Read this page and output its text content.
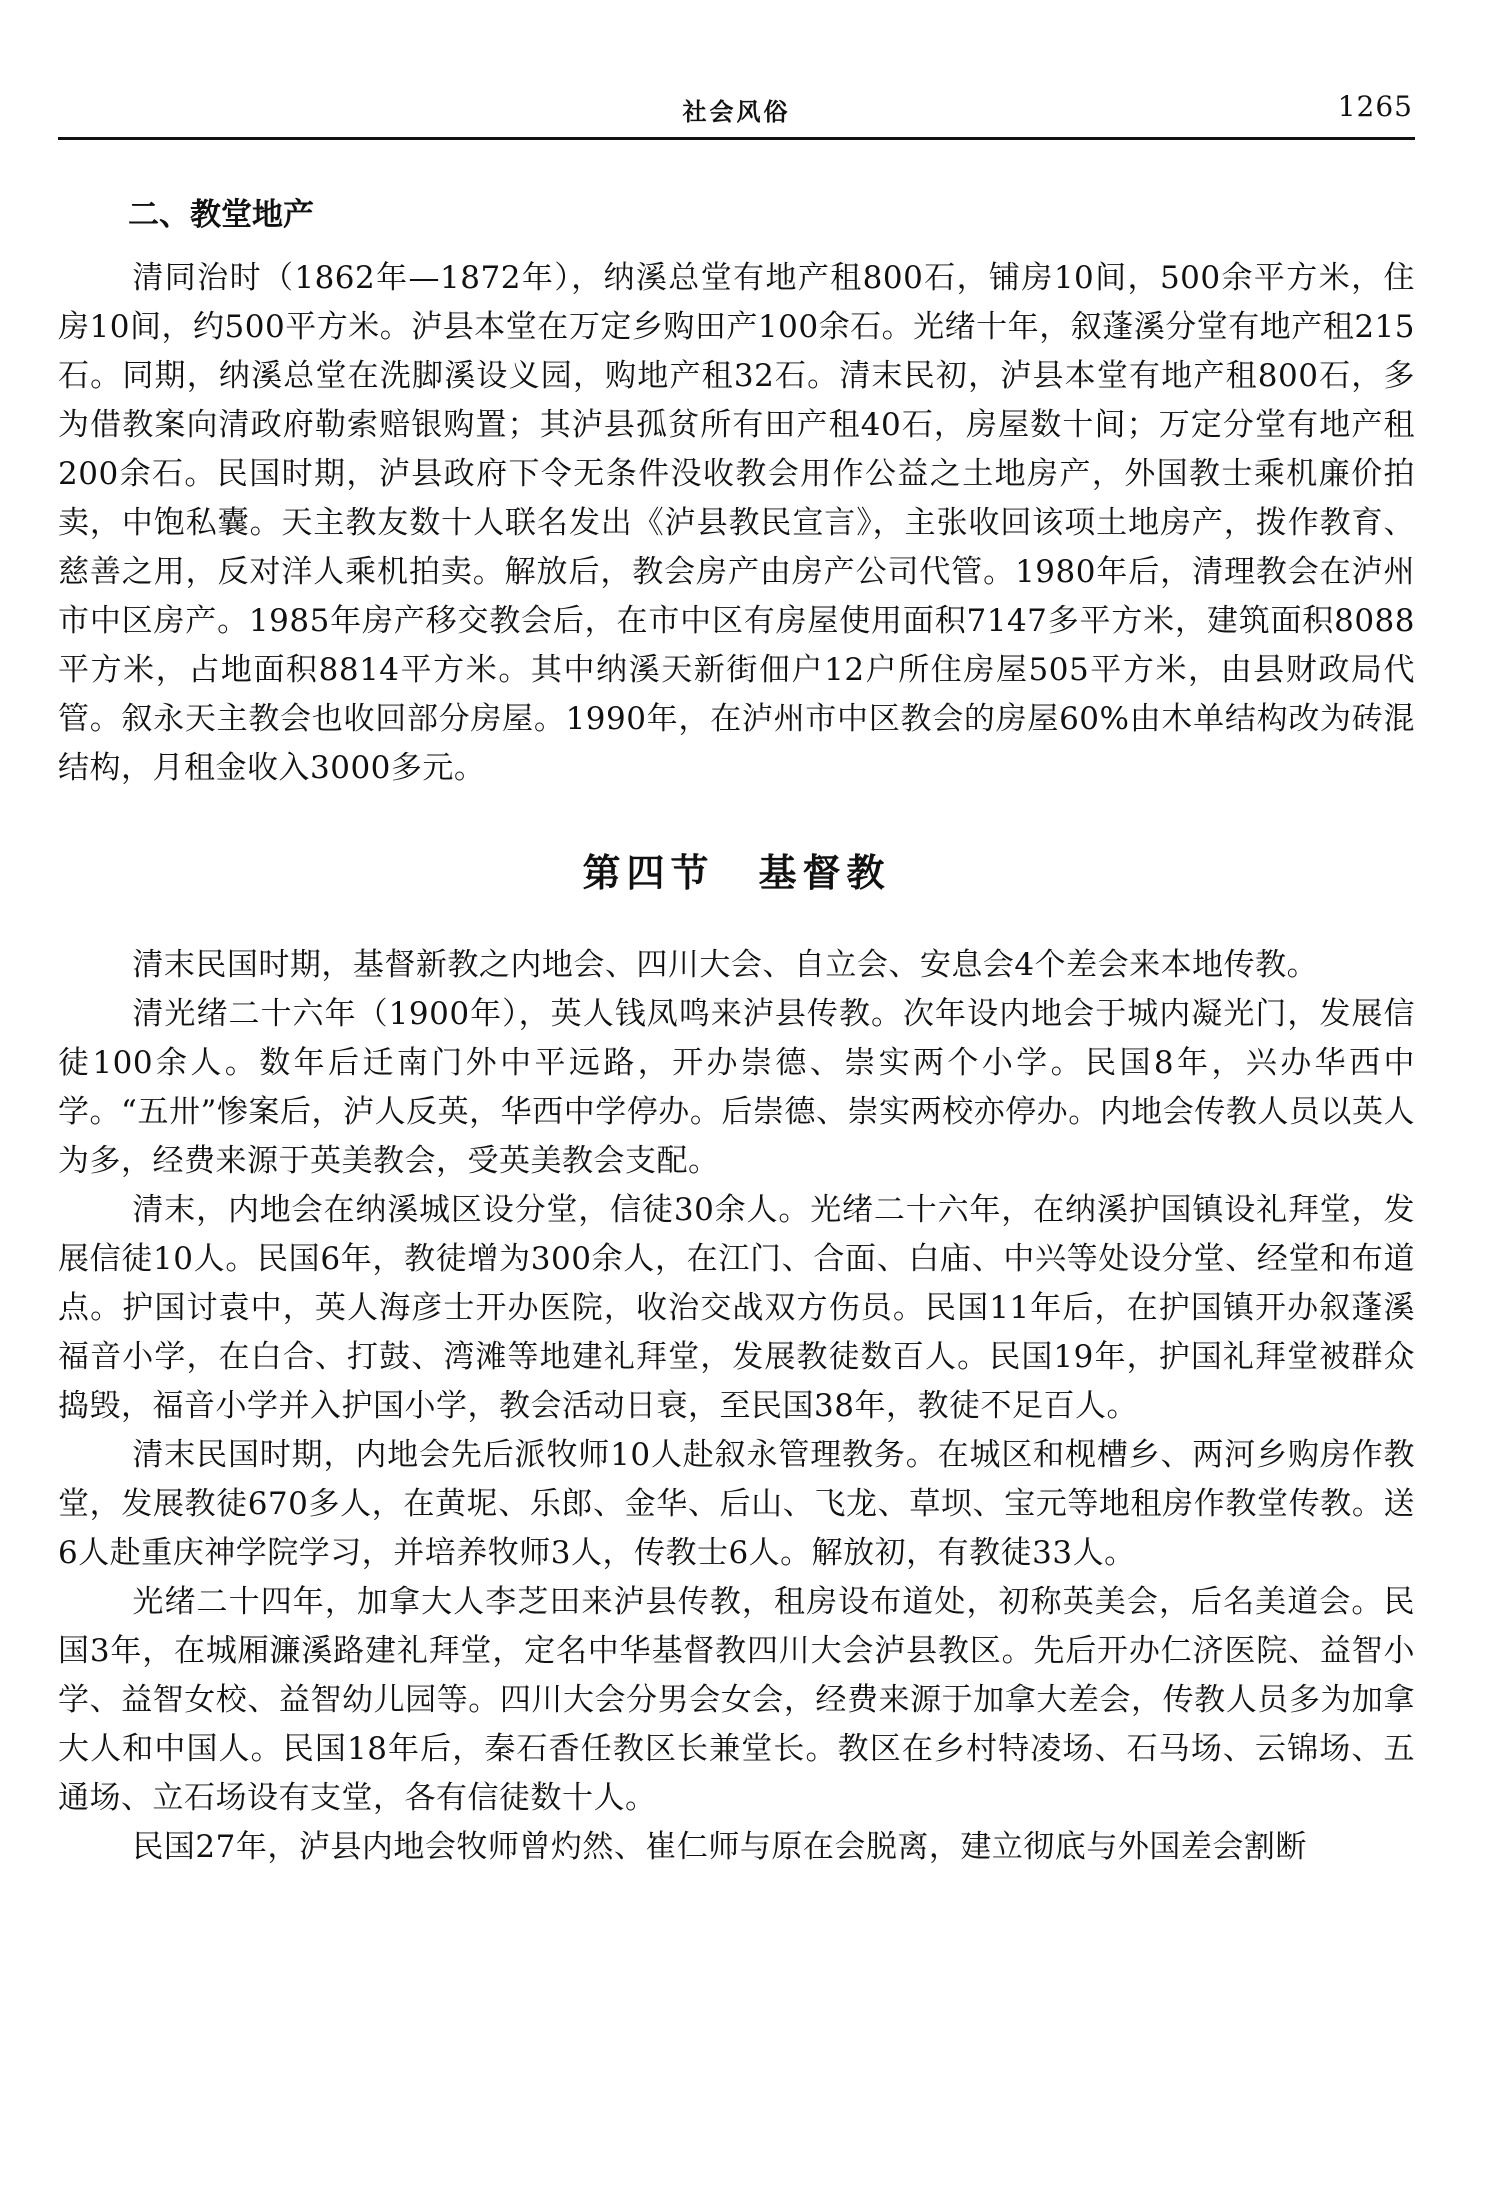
社会风俗	1265
二、教堂地产

清同治时（1862年—1872年），纳溪总堂有地产租800石，铺房10间，500余平方米，住房10间，约500平方米。泸县本堂在万定乡购田产100余石。光绪十年，叙蓬溪分堂有地产租215石。同期，纳溪总堂在洗脚溪设义园，购地产租32石。清末民初，泸县本堂有地产租800石，多为借教案向清政府勒索赔银购置；其泸县孤贫所有田产租40石，房屋数十间；万定分堂有地产租200余石。民国时期，泸县政府下令无条件没收教会用作公益之土地房产，外国教士乘机廉价拍卖，中饱私囊。天主教友数十人联名发出《泸县教民宣言》，主张收回该项土地房产，拨作教育、慈善之用，反对洋人乘机拍卖。解放后，教会房产由房产公司代管。1980年后，清理教会在泸州市中区房产。1985年房产移交教会后，在市中区有房屋使用面积7147多平方米，建筑面积8088平方米，占地面积8814平方米。其中纳溪天新街佃户12户所住房屋505平方米，由县财政局代管。叙永天主教会也收回部分房屋。1990年，在泸州市中区教会的房屋60%由木单结构改为砖混结构，月租金收入3000多元。

第四节　基督教

清末民国时期，基督新教之内地会、四川大会、自立会、安息会4个差会来本地传教。

清光绪二十六年（1900年），英人钱凤鸣来泸县传教。次年设内地会于城内凝光门，发展信徒100余人。数年后迁南门外中平远路，开办崇德、崇实两个小学。民国8年，兴办华西中学。“五卅”惨案后，泸人反英，华西中学停办。后崇德、崇实两校亦停办。内地会传教人员以英人为多，经费来源于英美教会，受英美教会支配。

清末，内地会在纳溪城区设分堂，信徒30余人。光绪二十六年，在纳溪护国镇设礼拜堂，发展信徒10人。民国6年，教徒增为300余人，在江门、合面、白庙、中兴等处设分堂、经堂和布道点。护国讨袁中，英人海彦士开办医院，收治交战双方伤员。民国11年后，在护国镇开办叙蓬溪福音小学，在白合、打鼓、湾滩等地建礼拜堂，发展教徒数百人。民国19年，护国礼拜堂被群众捣毁，福音小学并入护国小学，教会活动日衰，至民国38年，教徒不足百人。

清末民国时期，内地会先后派牧师10人赴叙永管理教务。在城区和枧槽乡、两河乡购房作教堂，发展教徒670多人，在黄坭、乐郎、金华、后山、飞龙、草坝、宝元等地租房作教堂传教。送6人赴重庆神学院学习，并培养牧师3人，传教士6人。解放初，有教徒33人。

光绪二十四年，加拿大人李芝田来泸县传教，租房设布道处，初称英美会，后名美道会。民国3年，在城厢濂溪路建礼拜堂，定名中华基督教四川大会泸县教区。先后开办仁济医院、益智小学、益智女校、益智幼儿园等。四川大会分男会女会，经费来源于加拿大差会，传教人员多为加拿大人和中国人。民国18年后，秦石香任教区长兼堂长。教区在乡村特凌场、石马场、云锦场、五通场、立石场设有支堂，各有信徒数十人。

民国27年，泸县内地会牧师曾灼然、崔仁师与原在会脱离，建立彻底与外国差会割断
